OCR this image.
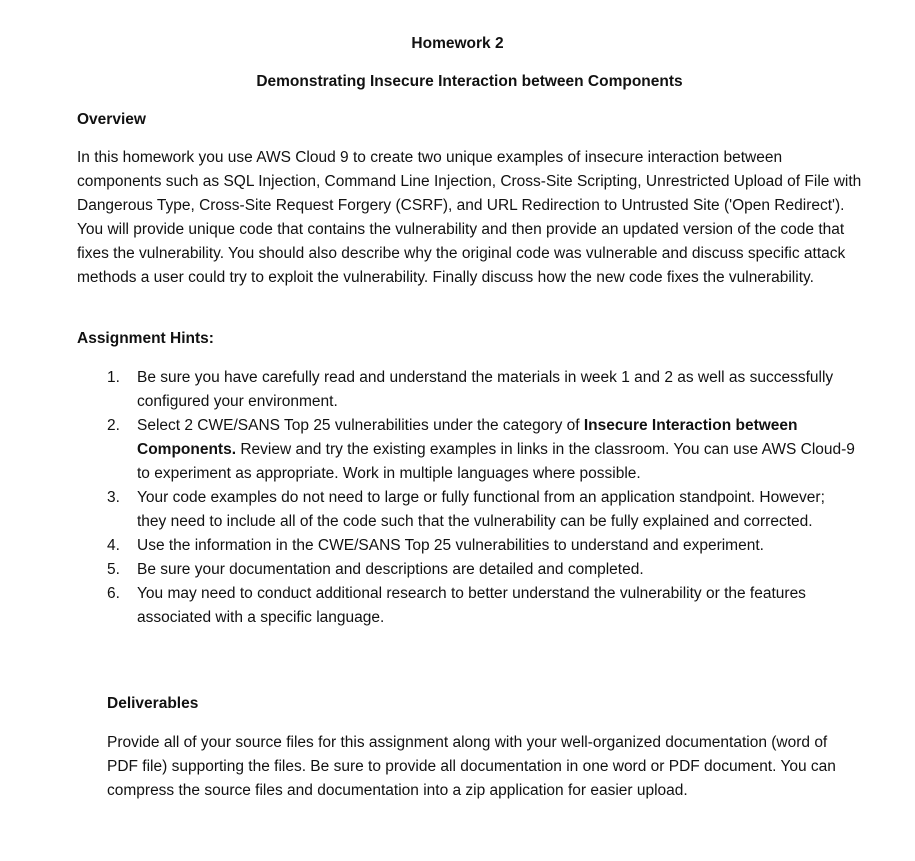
Homework 2

Demonstrating Insecure Interaction between Components

Overview

In this homework you use AWS Cloud 9 to create two unique examples of insecure interaction between components such as SQL Injection, Command Line Injection, Cross-Site Scripting, Unrestricted Upload of File with Dangerous Type, Cross-Site Request Forgery (CSRF), and URL Redirection to Untrusted Site ('Open Redirect'). You will provide unique code that contains the vulnerability and then provide an updated version of the code that fixes the vulnerability. You should also describe why the original code was vulnerable and discuss specific attack methods a user could try to exploit the vulnerability. Finally discuss how the new code fixes the vulnerability.

Assignment Hints:

1. Be sure you have carefully read and understand the materials in week 1 and 2 as well as successfully configured your environment.
2. Select 2 CWE/SANS Top 25 vulnerabilities under the category of Insecure Interaction between Components. Review and try the existing examples in links in the classroom. You can use AWS Cloud-9 to experiment as appropriate. Work in multiple languages where possible.
3. Your code examples do not need to large or fully functional from an application standpoint. However; they need to include all of the code such that the vulnerability can be fully explained and corrected.
4. Use the information in the CWE/SANS Top 25 vulnerabilities to understand and experiment.
5. Be sure your documentation and descriptions are detailed and completed.
6. You may need to conduct additional research to better understand the vulnerability or the features associated with a specific language.

Deliverables

Provide all of your source files for this assignment along with your well-organized documentation (word of PDF file) supporting the files. Be sure to provide all documentation in one word or PDF document. You can compress the source files and documentation into a zip application for easier upload.
